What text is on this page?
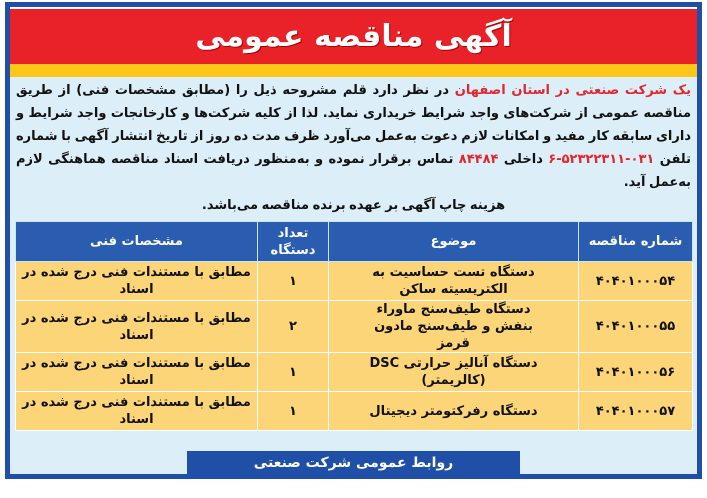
آگهی مناقصه عمومی
یک شرکت صنعتی در استان اصفهان در نظر دارد قلم مشروحه ذیل را (مطابق مشخصات فنی) از طریق مناقصه عمومی از شرکت‌های واجد شرایط خریداری نماید. لذا از کلیه شرکت‌ها و کارخانجات واجد شرایط و دارای سابقه کار مفید و امکانات لازم دعوت به‌عمل می‌آورد ظرف مدت ده روز از تاریخ انتشار آگهی با شماره تلفن ۰۳۱-۵۲۳۲۲۳۱۱-۶ داخلی ۸۴۴۸۴ تماس برقرار نموده و به‌منظور دریافت اسناد مناقصه هماهنگی لازم به‌عمل آید.
هزینه چاپ آگهی بر عهده برنده مناقصه می‌باشد.
شماره مناقصه	موضوع	تعداد دستگاه	مشخصات فنی
۴۰۴۰۱۰۰۰۵۴	دستگاه تست حساسیت به الکتریسیته ساکن	۱	مطابق با مستندات فنی درج شده در اسناد
۴۰۴۰۱۰۰۰۵۵	دستگاه طیف‌سنج ماوراء بنفش و طیف‌سنج مادون قرمز	۲	مطابق با مستندات فنی درج شده در اسناد
۴۰۴۰۱۰۰۰۵۶	دستگاه آنالیز حرارتی DSC (کالریمتر)	۱	مطابق با مستندات فنی درج شده در اسناد
۴۰۴۰۱۰۰۰۵۷	دستگاه رفرکتومتر دیجیتال	۱	مطابق با مستندات فنی درج شده در اسناد
روابط عمومی شرکت صنعتی
